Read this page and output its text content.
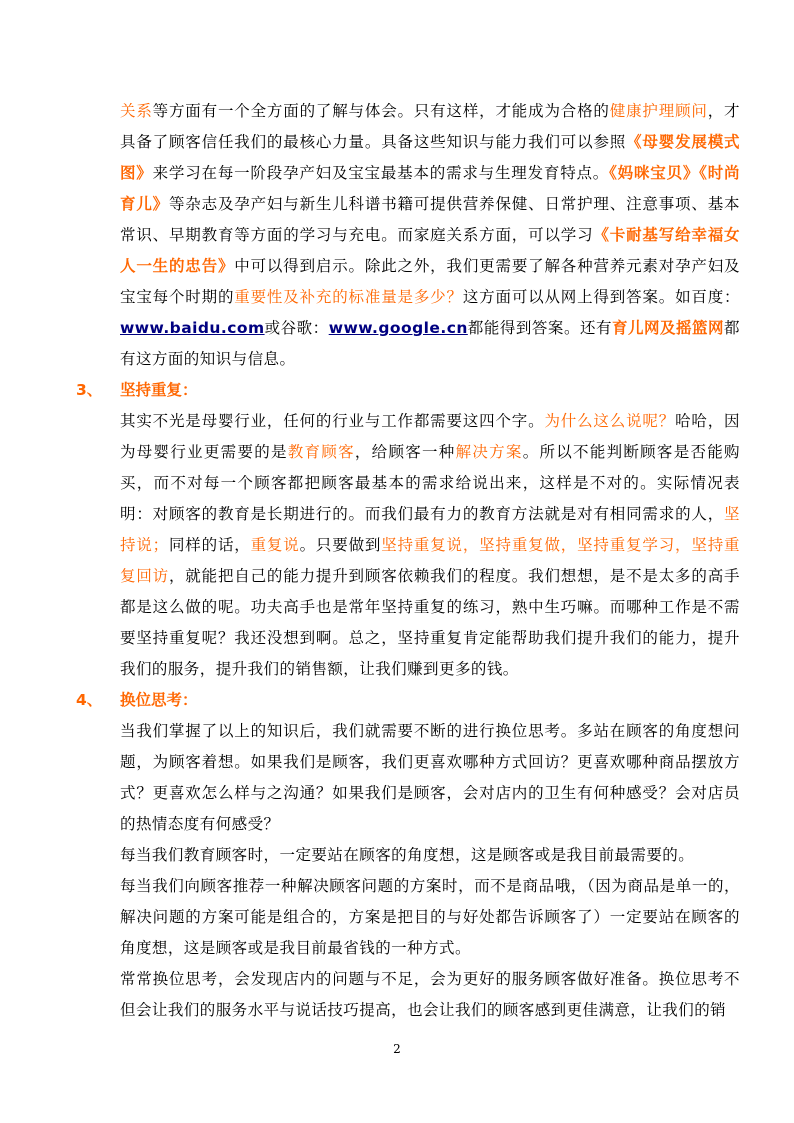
关系等方面有一个全方面的了解与体会。只有这样，才能成为合格的健康护理顾问，才具备了顾客信任我们的最核心力量。具备这些知识与能力我们可以参照《母婴发展模式图》来学习在每一阶段孕产妇及宝宝最基本的需求与生理发育特点。《妈咪宝贝》《时尚育儿》等杂志及孕产妇与新生儿科谱书籍可提供营养保健、日常护理、注意事项、基本常识、早期教育等方面的学习与充电。而家庭关系方面，可以学习《卡耐基写给幸福女人一生的忠告》中可以得到启示。除此之外，我们更需要了解各种营养元素对孕产妇及宝宝每个时期的重要性及补充的标准量是多少？这方面可以从网上得到答案。如百度：www.baidu.com或谷歌：www.google.cn都能得到答案。还有育儿网及摇篮网都有这方面的知识与信息。

3、 坚持重复：

其实不光是母婴行业，任何的行业与工作都需要这四个字。为什么这么说呢？哈哈，因为母婴行业更需要的是教育顾客，给顾客一种解决方案。所以不能判断顾客是否能购买，而不对每一个顾客都把顾客最基本的需求给说出来，这样是不对的。实际情况表明：对顾客的教育是长期进行的。而我们最有力的教育方法就是对有相同需求的人，坚持说；同样的话，重复说。只要做到坚持重复说，坚持重复做，坚持重复学习，坚持重复回访，就能把自己的能力提升到顾客依赖我们的程度。我们想想，是不是太多的高手都是这么做的呢。功夫高手也是常年坚持重复的练习，熟中生巧嘛。而哪种工作是不需要坚持重复呢？我还没想到啊。总之，坚持重复肯定能帮助我们提升我们的能力，提升我们的服务，提升我们的销售额，让我们赚到更多的钱。

4、 换位思考：

当我们掌握了以上的知识后，我们就需要不断的进行换位思考。多站在顾客的角度想问题，为顾客着想。如果我们是顾客，我们更喜欢哪种方式回访？更喜欢哪种商品摆放方式？更喜欢怎么样与之沟通？如果我们是顾客，会对店内的卫生有何种感受？会对店员的热情态度有何感受？

每当我们教育顾客时，一定要站在顾客的角度想，这是顾客或是我目前最需要的。

每当我们向顾客推荐一种解决顾客问题的方案时，而不是商品哦，（因为商品是单一的，解决问题的方案可能是组合的，方案是把目的与好处都告诉顾客了）一定要站在顾客的角度想，这是顾客或是我目前最省钱的一种方式。

常常换位思考，会发现店内的问题与不足，会为更好的服务顾客做好准备。换位思考不但会让我们的服务水平与说话技巧提高，也会让我们的顾客感到更佳满意，让我们的销

2
